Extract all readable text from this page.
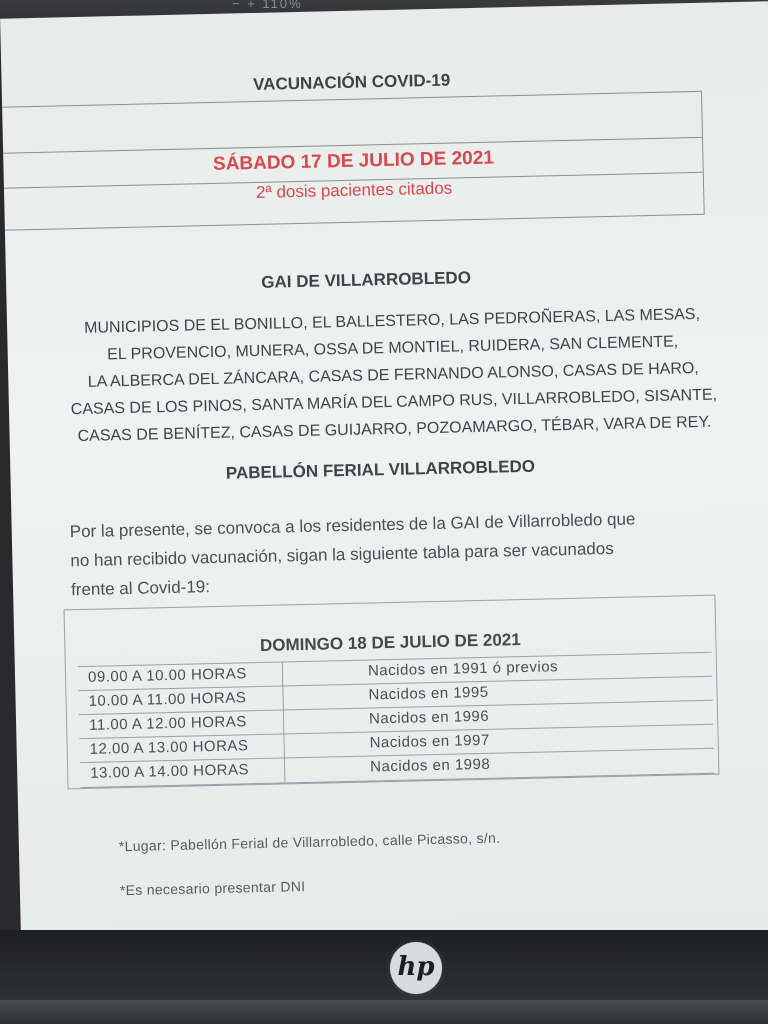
− + 110%
VACUNACIÓN COVID-19
SÁBADO 17 DE JULIO DE 2021
2ª dosis pacientes citados
GAI DE VILLARROBLEDO
MUNICIPIOS DE EL BONILLO, EL BALLESTERO, LAS PEDROÑERAS, LAS MESAS,
EL PROVENCIO, MUNERA, OSSA DE MONTIEL, RUIDERA, SAN CLEMENTE,
LA ALBERCA DEL ZÁNCARA, CASAS DE FERNANDO ALONSO, CASAS DE HARO,
CASAS DE LOS PINOS, SANTA MARÍA DEL CAMPO RUS, VILLARROBLEDO, SISANTE,
CASAS DE BENÍTEZ, CASAS DE GUIJARRO, POZOAMARGO, TÉBAR, VARA DE REY.
PABELLÓN FERIAL VILLARROBLEDO
Por la presente, se convoca a los residentes de la GAI de Villarrobledo que
no han recibido vacunación, sigan la siguiente tabla para ser vacunados
frente al Covid-19:
DOMINGO 18 DE JULIO DE 2021
09.00 A 10.00 HORAS	Nacidos en 1991 ó previos
10.00 A 11.00 HORAS	Nacidos en 1995
11.00 A 12.00 HORAS	Nacidos en 1996
12.00 A 13.00 HORAS	Nacidos en 1997
13.00 A 14.00 HORAS	Nacidos en 1998
*Lugar: Pabellón Ferial de Villarrobledo, calle Picasso, s/n.
*Es necesario presentar DNI
hp
